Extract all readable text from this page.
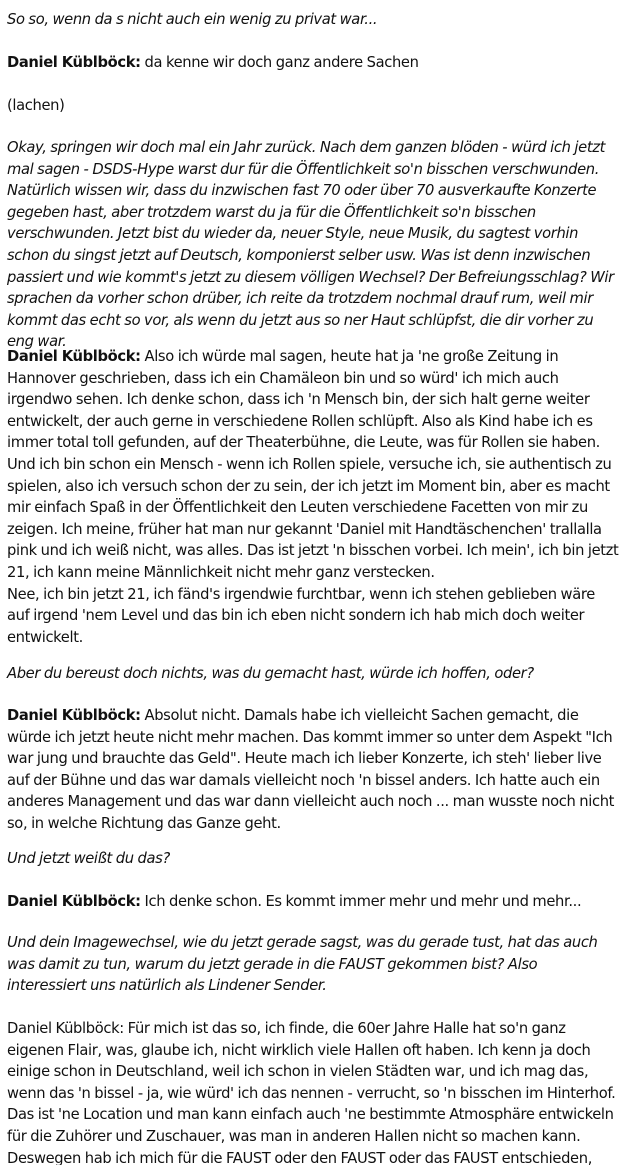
So so, wenn da s nicht auch ein wenig zu privat war...

Daniel Küblböck: da kenne wir doch ganz andere Sachen

(lachen)

Okay, springen wir doch mal ein Jahr zurück. Nach dem ganzen blöden - würd ich jetzt mal sagen - DSDS-Hype warst dur für die Öffentlichkeit so'n bisschen verschwunden. Natürlich wissen wir, dass du inzwischen fast 70 oder über 70 ausverkaufte Konzerte gegeben hast, aber trotzdem warst du ja für die Öffentlichkeit so'n bisschen verschwunden. Jetzt bist du wieder da, neuer Style, neue Musik, du sagtest vorhin schon du singst jetzt auf Deutsch, komponierst selber usw. Was ist denn inzwischen passiert und wie kommt's jetzt zu diesem völligen Wechsel? Der Befreiungsschlag? Wir sprachen da vorher schon drüber, ich reite da trotzdem nochmal drauf rum, weil mir kommt das echt so vor, als wenn du jetzt aus so ner Haut schlüpfst, die dir vorher zu eng war.

Daniel Küblböck: Also ich würde mal sagen, heute hat ja 'ne große Zeitung in Hannover geschrieben, dass ich ein Chamäleon bin und so würd' ich mich auch irgendwo sehen. Ich denke schon, dass ich 'n Mensch bin, der sich halt gerne weiter entwickelt, der auch gerne in verschiedene Rollen schlüpft. Also als Kind habe ich es immer total toll gefunden, auf der Theaterbühne, die Leute, was für Rollen sie haben. Und ich bin schon ein Mensch - wenn ich Rollen spiele, versuche ich, sie authentisch zu spielen, also ich versuch schon der zu sein, der ich jetzt im Moment bin, aber es macht mir einfach Spaß in der Öffentlichkeit den Leuten verschiedene Facetten von mir zu zeigen. Ich meine, früher hat man nur gekannt 'Daniel mit Handtäschenchen' trallalla pink und ich weiß nicht, was alles. Das ist jetzt 'n bisschen vorbei. Ich mein', ich bin jetzt 21, ich kann meine Männlichkeit nicht mehr ganz verstecken.
Nee, ich bin jetzt 21, ich fänd's irgendwie furchtbar, wenn ich stehen geblieben wäre auf irgend 'nem Level und das bin ich eben nicht sondern ich hab mich doch weiter entwickelt.

Aber du bereust doch nichts, was du gemacht hast, würde ich hoffen, oder?

Daniel Küblböck: Absolut nicht. Damals habe ich vielleicht Sachen gemacht, die würde ich jetzt heute nicht mehr machen. Das kommt immer so unter dem Aspekt "Ich war jung und brauchte das Geld". Heute mach ich lieber Konzerte, ich steh' lieber live auf der Bühne und das war damals vielleicht noch 'n bissel anders. Ich hatte auch ein anderes Management und das war dann vielleicht auch noch ... man wusste noch nicht so, in welche Richtung das Ganze geht.

Und jetzt weißt du das?

Daniel Küblböck: Ich denke schon. Es kommt immer mehr und mehr und mehr...

Und dein Imagewechsel, wie du jetzt gerade sagst, was du gerade tust, hat das auch was damit zu tun, warum du jetzt gerade in die FAUST gekommen bist? Also interessiert uns natürlich als Lindener Sender.

Daniel Küblböck: Für mich ist das so, ich finde, die 60er Jahre Halle hat so'n ganz eigenen Flair, was, glaube ich, nicht wirklich viele Hallen oft haben. Ich kenn ja doch einige schon in Deutschland, weil ich schon in vielen Städten war, und ich mag das, wenn das 'n bissel - ja, wie würd' ich das nennen - verrucht, so 'n bisschen im Hinterhof. Das ist 'ne Location und man kann einfach auch 'ne bestimmte Atmosphäre entwickeln für die Zuhörer und Zuschauer, was man in anderen Hallen nicht so machen kann. Deswegen hab ich mich für die FAUST oder den FAUST oder das FAUST entschieden,
